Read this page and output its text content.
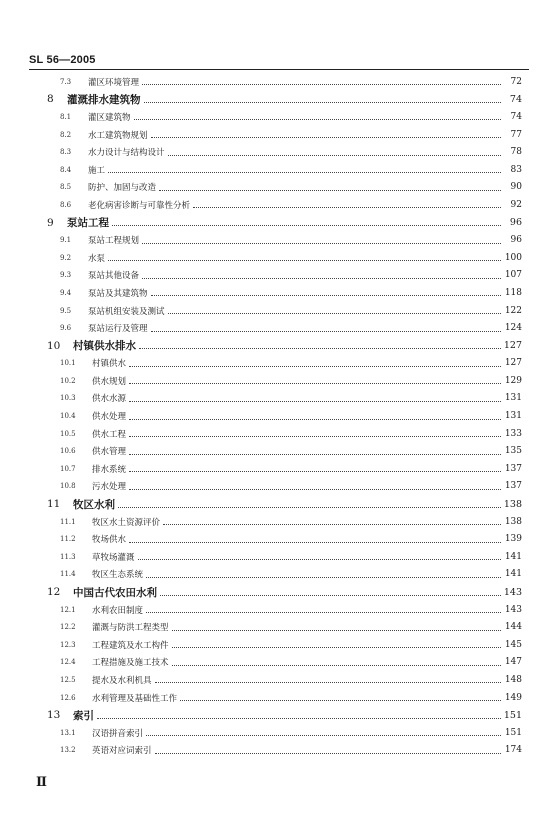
SL 56—2005
7.3	灌区环境管理	72
8	灌溉排水建筑物	74
8.1	灌区建筑物	74
8.2	水工建筑物规划	77
8.3	水力设计与结构设计	78
8.4	施工	83
8.5	防护、加固与改造	90
8.6	老化病害诊断与可靠性分析	92
9	泵站工程	96
9.1	泵站工程规划	96
9.2	水泵	100
9.3	泵站其他设备	107
9.4	泵站及其建筑物	118
9.5	泵站机组安装及测试	122
9.6	泵站运行及管理	124
10	村镇供水排水	127
10.1	村镇供水	127
10.2	供水规划	129
10.3	供水水源	131
10.4	供水处理	131
10.5	供水工程	133
10.6	供水管理	135
10.7	排水系统	137
10.8	污水处理	137
11	牧区水利	138
11.1	牧区水土资源评价	138
11.2	牧场供水	139
11.3	草牧场灌溉	141
11.4	牧区生态系统	141
12	中国古代农田水利	143
12.1	水利农田制度	143
12.2	灌溉与防洪工程类型	144
12.3	工程建筑及水工构件	145
12.4	工程措施及施工技术	147
12.5	提水及水利机具	148
12.6	水利管理及基础性工作	149
13	索引	151
13.1	汉语拼音索引	151
13.2	英语对应词索引	174
Ⅱ
